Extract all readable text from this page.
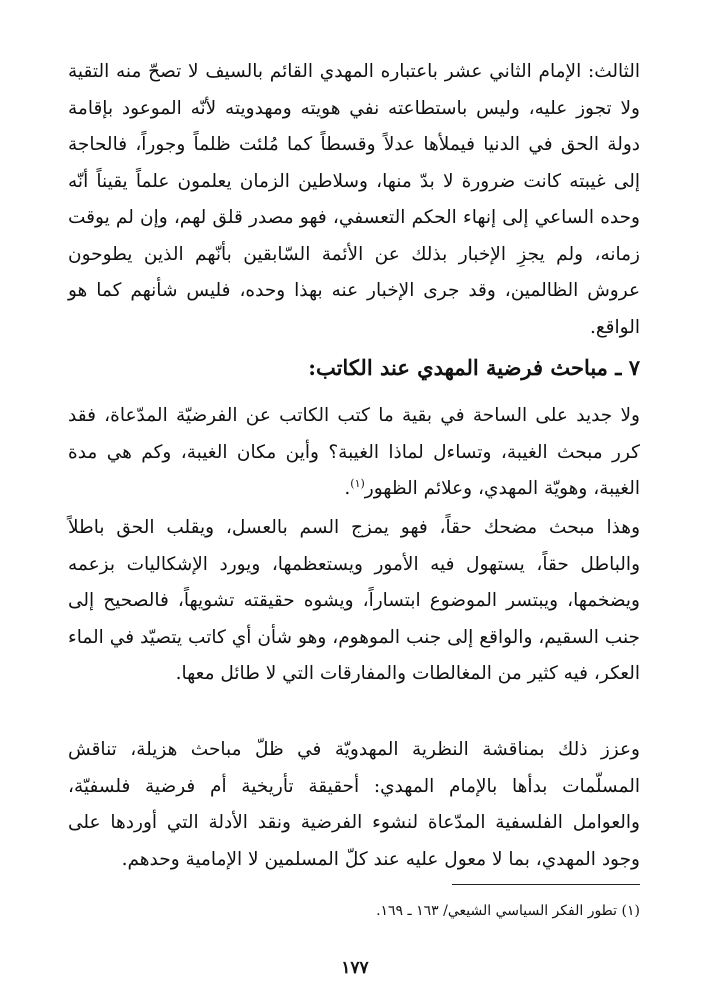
الثالث: الإمام الثاني عشر باعتباره المهدي القائم بالسيف لا تصحّ منه التقية ولا تجوز عليه، وليس باستطاعته نفي هويته ومهدويته لأنّه الموعود بإقامة دولة الحق في الدنيا فيملأها عدلاً وقسطاً كما مُلئت ظلماً وجوراً، فالحاجة إلى غيبته كانت ضرورة لا بدّ منها، وسلاطين الزمان يعلمون علماً يقيناً أنّه وحده الساعي إلى إنهاء الحكم التعسفي، فهو مصدر قلق لهم، وإن لم يوقت زمانه، ولم يجزِ الإخبار بذلك عن الأئمة السّابقين بأنّهم الذين يطوحون عروش الظالمين، وقد جرى الإخبار عنه بهذا وحده، فليس شأنهم كما هو الواقع.

٧ ـ مباحث فرضية المهدي عند الكاتب:

ولا جديد على الساحة في بقية ما كتب الكاتب عن الفرضيّة المدّعاة، فقد كرر مبحث الغيبة، وتساءل لماذا الغيبة؟ وأين مكان الغيبة، وكم هي مدة الغيبة، وهويّة المهدي، وعلائم الظهور$^{(١)}$.

وهذا مبحث مضحك حقاً، فهو يمزج السم بالعسل، ويقلب الحق باطلاً والباطل حقاً، يستهول فيه الأمور ويستعظمها، ويورد الإشكاليات بزعمه ويضخمها، ويبتسر الموضوع ابتساراً، ويشوه حقيقته تشويهاً، فالصحيح إلى جنب السقيم، والواقع إلى جنب الموهوم، وهو شأن أي كاتب يتصيّد في الماء العكر، فيه كثير من المغالطات والمفارقات التي لا طائل معها.

وعزز ذلك بمناقشة النظرية المهدويّة في ظلّ مباحث هزيلة، تناقش المسلّمات بدأها بالإمام المهدي: أحقيقة تأريخية أم فرضية فلسفيّة، والعوامل الفلسفية المدّعاة لنشوء الفرضية ونقد الأدلة التي أوردها على وجود المهدي، بما لا معول عليه عند كلّ المسلمين لا الإمامية وحدهم.

(١) تطور الفكر السياسي الشيعي/ ١٦٣ ـ ١٦٩.

١٧٧
